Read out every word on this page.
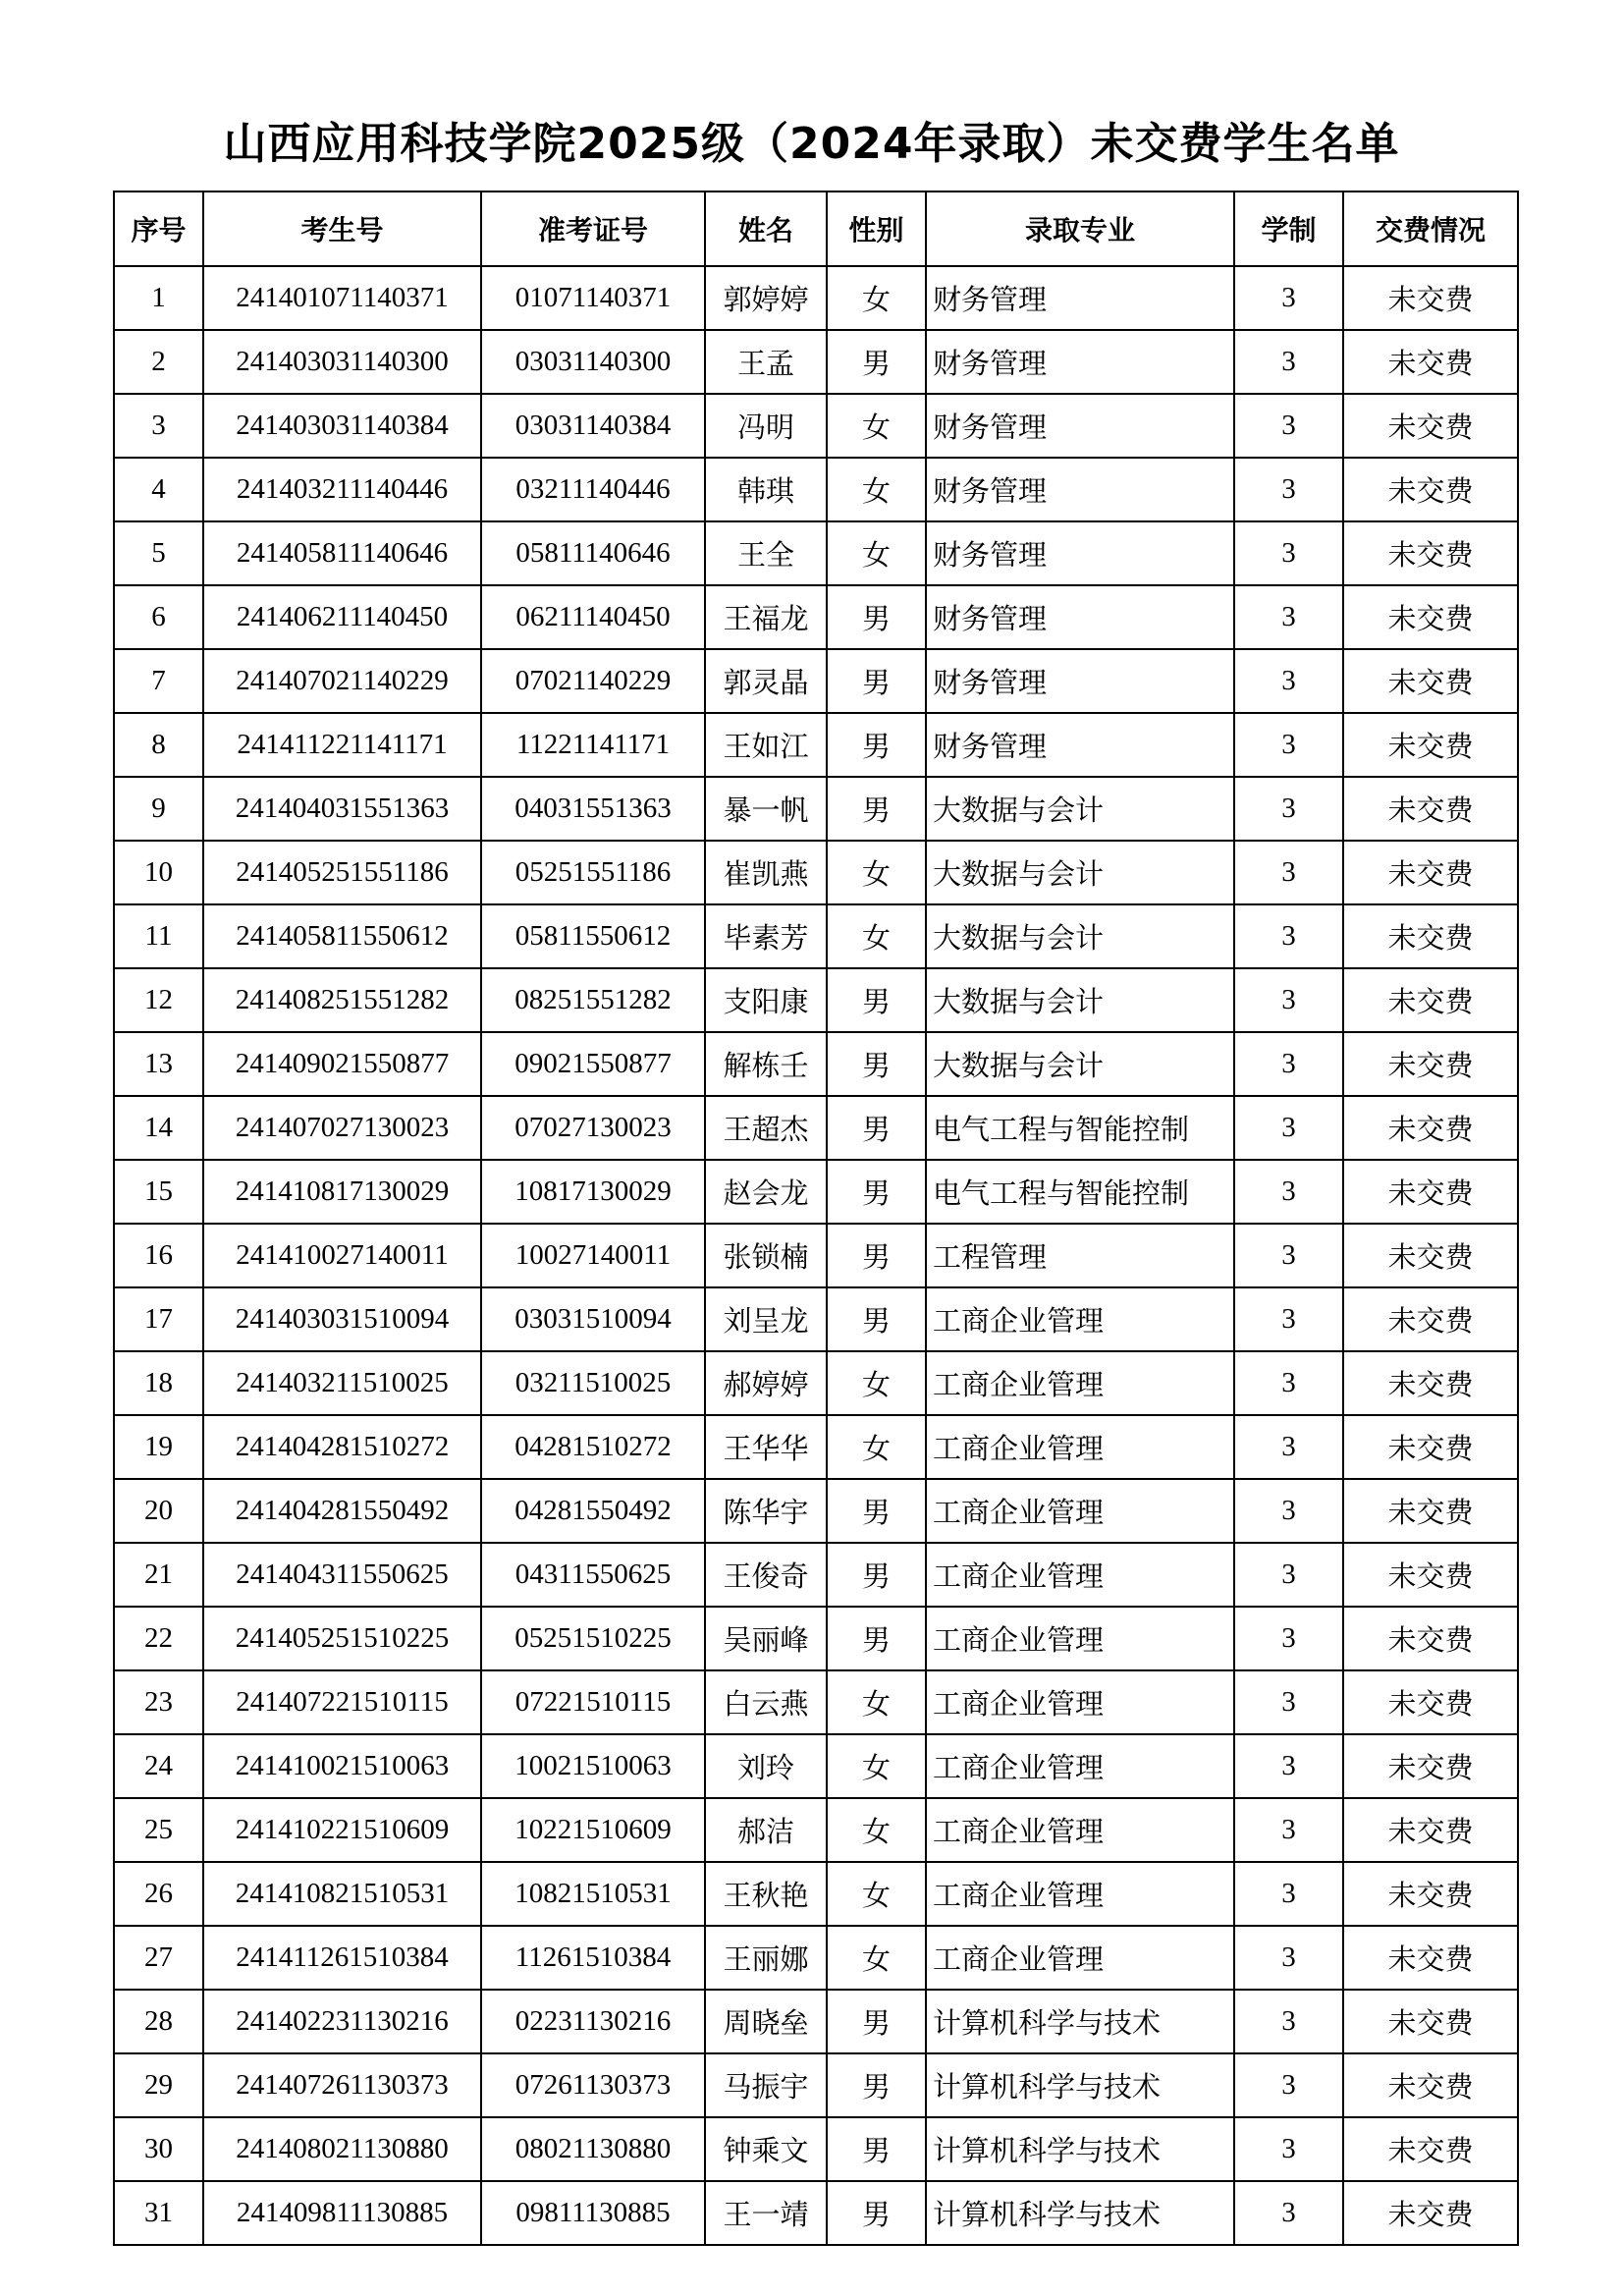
山西应用科技学院2025级（2024年录取）未交费学生名单
序号	考生号	准考证号	姓名	性别	录取专业	学制	交费情况
1	241401071140371	01071140371	郭婷婷	女	财务管理	3	未交费
2	241403031140300	03031140300	王孟	男	财务管理	3	未交费
3	241403031140384	03031140384	冯明	女	财务管理	3	未交费
4	241403211140446	03211140446	韩琪	女	财务管理	3	未交费
5	241405811140646	05811140646	王全	女	财务管理	3	未交费
6	241406211140450	06211140450	王福龙	男	财务管理	3	未交费
7	241407021140229	07021140229	郭灵晶	男	财务管理	3	未交费
8	241411221141171	11221141171	王如江	男	财务管理	3	未交费
9	241404031551363	04031551363	暴一帆	男	大数据与会计	3	未交费
10	241405251551186	05251551186	崔凯燕	女	大数据与会计	3	未交费
11	241405811550612	05811550612	毕素芳	女	大数据与会计	3	未交费
12	241408251551282	08251551282	支阳康	男	大数据与会计	3	未交费
13	241409021550877	09021550877	解栋壬	男	大数据与会计	3	未交费
14	241407027130023	07027130023	王超杰	男	电气工程与智能控制	3	未交费
15	241410817130029	10817130029	赵会龙	男	电气工程与智能控制	3	未交费
16	241410027140011	10027140011	张锁楠	男	工程管理	3	未交费
17	241403031510094	03031510094	刘呈龙	男	工商企业管理	3	未交费
18	241403211510025	03211510025	郝婷婷	女	工商企业管理	3	未交费
19	241404281510272	04281510272	王华华	女	工商企业管理	3	未交费
20	241404281550492	04281550492	陈华宇	男	工商企业管理	3	未交费
21	241404311550625	04311550625	王俊奇	男	工商企业管理	3	未交费
22	241405251510225	05251510225	吴丽峰	男	工商企业管理	3	未交费
23	241407221510115	07221510115	白云燕	女	工商企业管理	3	未交费
24	241410021510063	10021510063	刘玲	女	工商企业管理	3	未交费
25	241410221510609	10221510609	郝洁	女	工商企业管理	3	未交费
26	241410821510531	10821510531	王秋艳	女	工商企业管理	3	未交费
27	241411261510384	11261510384	王丽娜	女	工商企业管理	3	未交费
28	241402231130216	02231130216	周晓垒	男	计算机科学与技术	3	未交费
29	241407261130373	07261130373	马振宇	男	计算机科学与技术	3	未交费
30	241408021130880	08021130880	钟乘文	男	计算机科学与技术	3	未交费
31	241409811130885	09811130885	王一靖	男	计算机科学与技术	3	未交费
